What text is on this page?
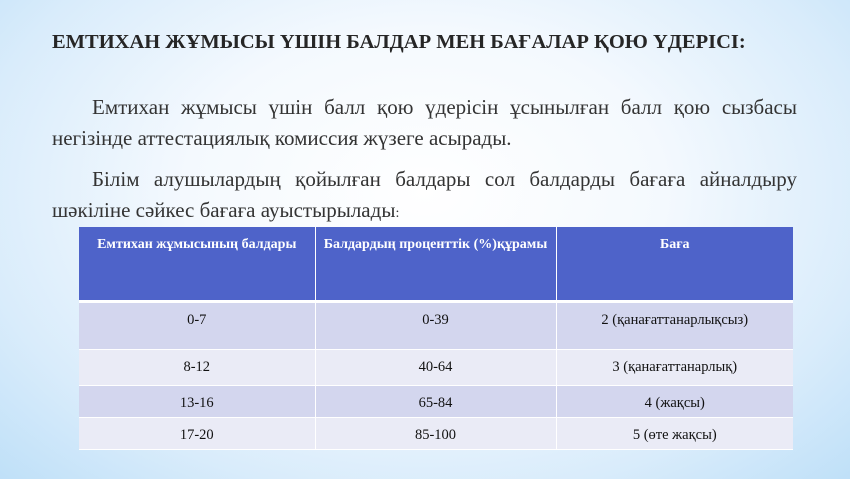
ЕМТИХАН ЖҰМЫСЫ ҮШІН БАЛДАР МЕН БАҒАЛАР ҚОЮ ҮДЕРІСІ:

Емтихан жұмысы үшін балл қою үдерісін ұсынылған балл қою сызбасы негізінде аттестациялық комиссия жүзеге асырады.

Білім алушылардың қойылған балдары сол балдарды бағаға айналдыру шәкіліне сәйкес бағаға ауыстырылады:

Емтихан жұмысының балдары	Балдардың проценттік (%)құрамы	Баға
0-7	0-39	2 (қанағаттанарлықсыз)
8-12	40-64	3 (қанағаттанарлық)
13-16	65-84	4 (жақсы)
17-20	85-100	5 (өте жақсы)
